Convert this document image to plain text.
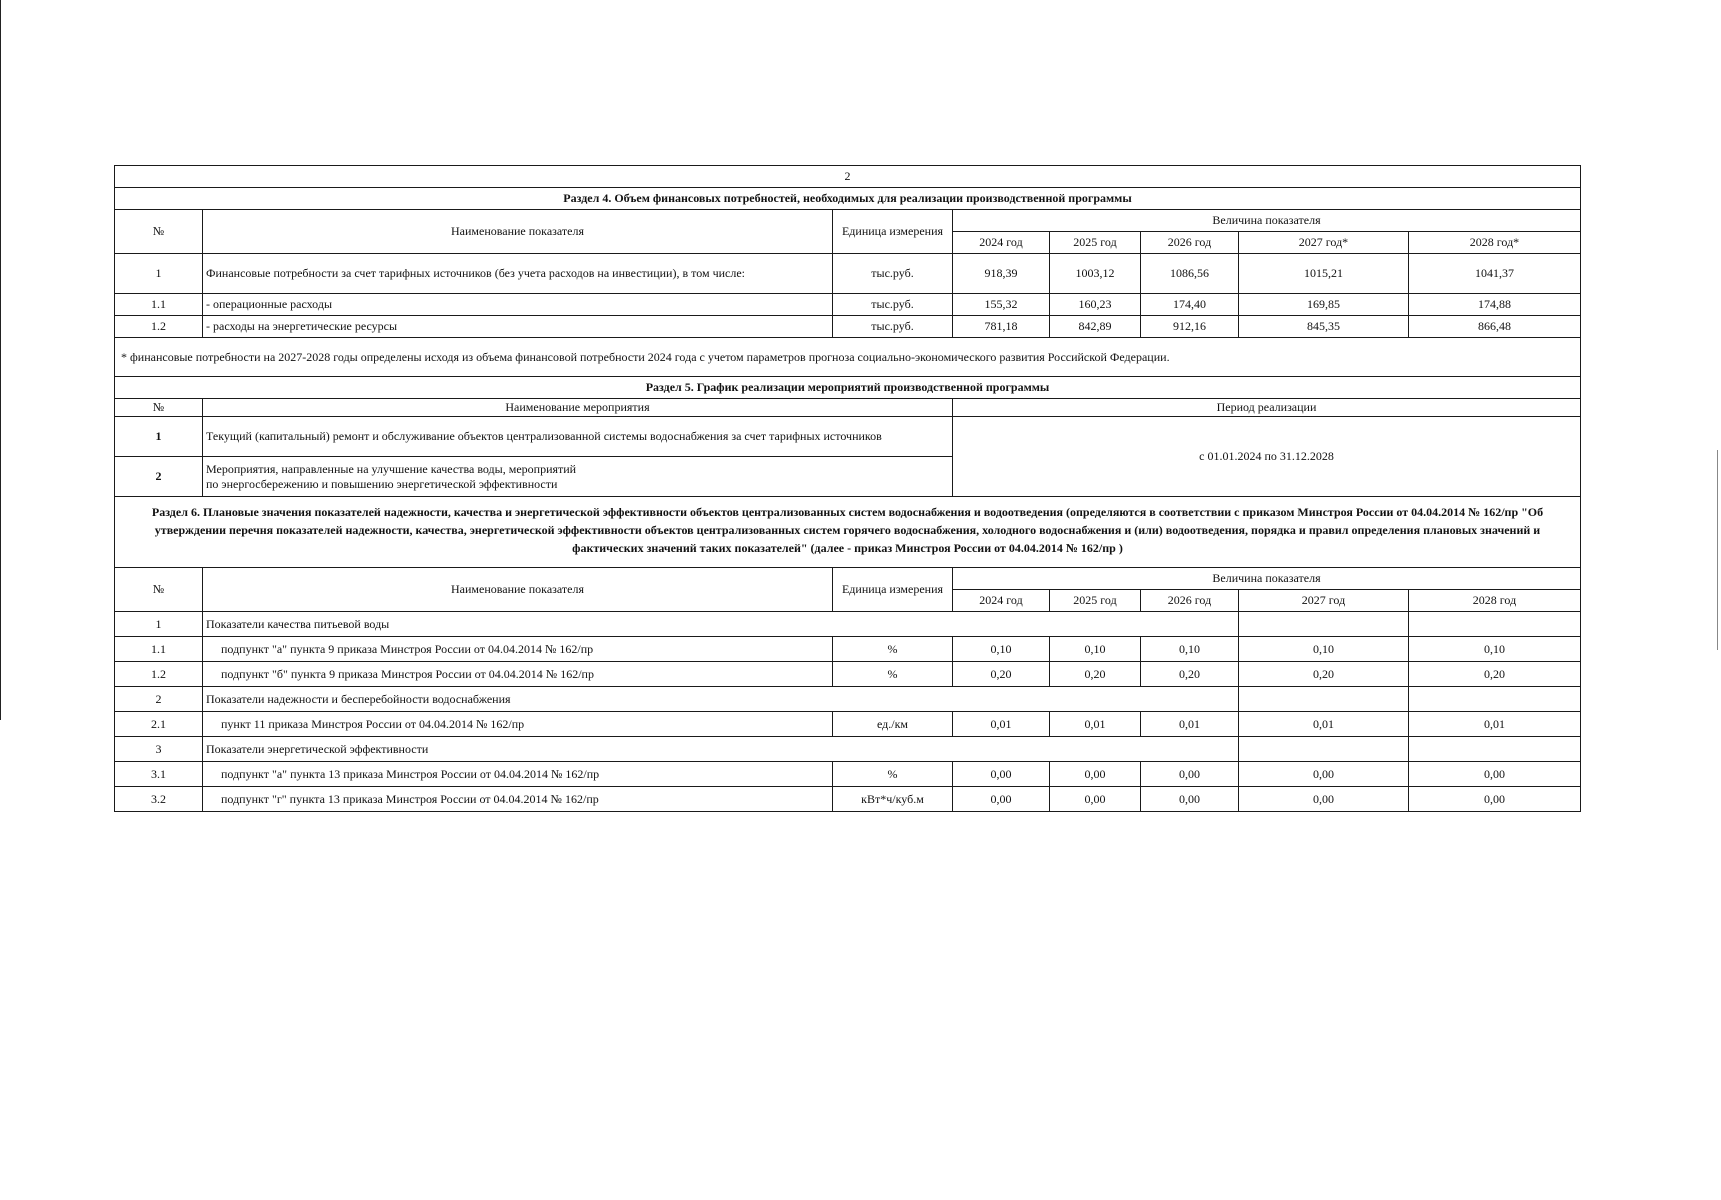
2							
Раздел 4. Объем финансовых потребностей, необходимых для реализации производственной программы							
№	Наименование показателя	Единица измерения	Величина показателя				
			2024 год	2025 год	2026 год	2027 год*	2028 год*
1	Финансовые потребности за счет тарифных источников (без учета расходов на инвестиции), в том числе:	тыс.руб.	918,39	1003,12	1086,56	1015,21	1041,37
1.1	- операционные расходы	тыс.руб.	155,32	160,23	174,40	169,85	174,88
1.2	- расходы на энергетические ресурсы	тыс.руб.	781,18	842,89	912,16	845,35	866,48
* финансовые потребности на 2027-2028 годы определены исходя из объема финансовой потребности 2024 года с учетом параметров прогноза социально-экономического развития Российской Федерации.							
Раздел 5. График реализации мероприятий производственной программы							
№	Наименование мероприятия		Период реализации				
1	Текущий (капитальный) ремонт и обслуживание объектов централизованной системы водоснабжения за счет тарифных источников		с 01.01.2024 по 31.12.2028				
2	Мероприятия, направленные на улучшение качества воды, мероприятий
по энергосбережению и повышению энергетической эффективности						
Раздел 6. Плановые значения показателей надежности, качества и энергетической эффективности объектов централизованных систем водоснабжения и водоотведения (определяются в соответствии с приказом Минстроя России от 04.04.2014 № 162/пр "Об утверждении перечня показателей надежности, качества, энергетической эффективности объектов централизованных систем горячего водоснабжения, холодного водоснабжения и (или) водоотведения, порядка и правил определения плановых значений и фактических значений таких показателей" (далее - приказ Минстроя России от 04.04.2014 № 162/пр )							
№	Наименование показателя	Единица измерения	Величина показателя				
			2024 год	2025 год	2026 год	2027 год	2028 год
1	Показатели качества питьевой воды						
1.1	подпункт "а" пункта 9 приказа Минстроя России от 04.04.2014 № 162/пр	%	0,10	0,10	0,10	0,10	0,10
1.2	подпункт "б" пункта 9 приказа Минстроя России от 04.04.2014 № 162/пр	%	0,20	0,20	0,20	0,20	0,20
2	Показатели надежности и бесперебойности водоснабжения						
2.1	пункт 11 приказа Минстроя России от 04.04.2014 № 162/пр	ед./км	0,01	0,01	0,01	0,01	0,01
3	Показатели энергетической эффективности						
3.1	подпункт "а" пункта 13 приказа Минстроя России от 04.04.2014 № 162/пр	%	0,00	0,00	0,00	0,00	0,00
3.2	подпункт "г" пункта 13 приказа Минстроя России от 04.04.2014 № 162/пр	кВт*ч/куб.м	0,00	0,00	0,00	0,00	0,00
